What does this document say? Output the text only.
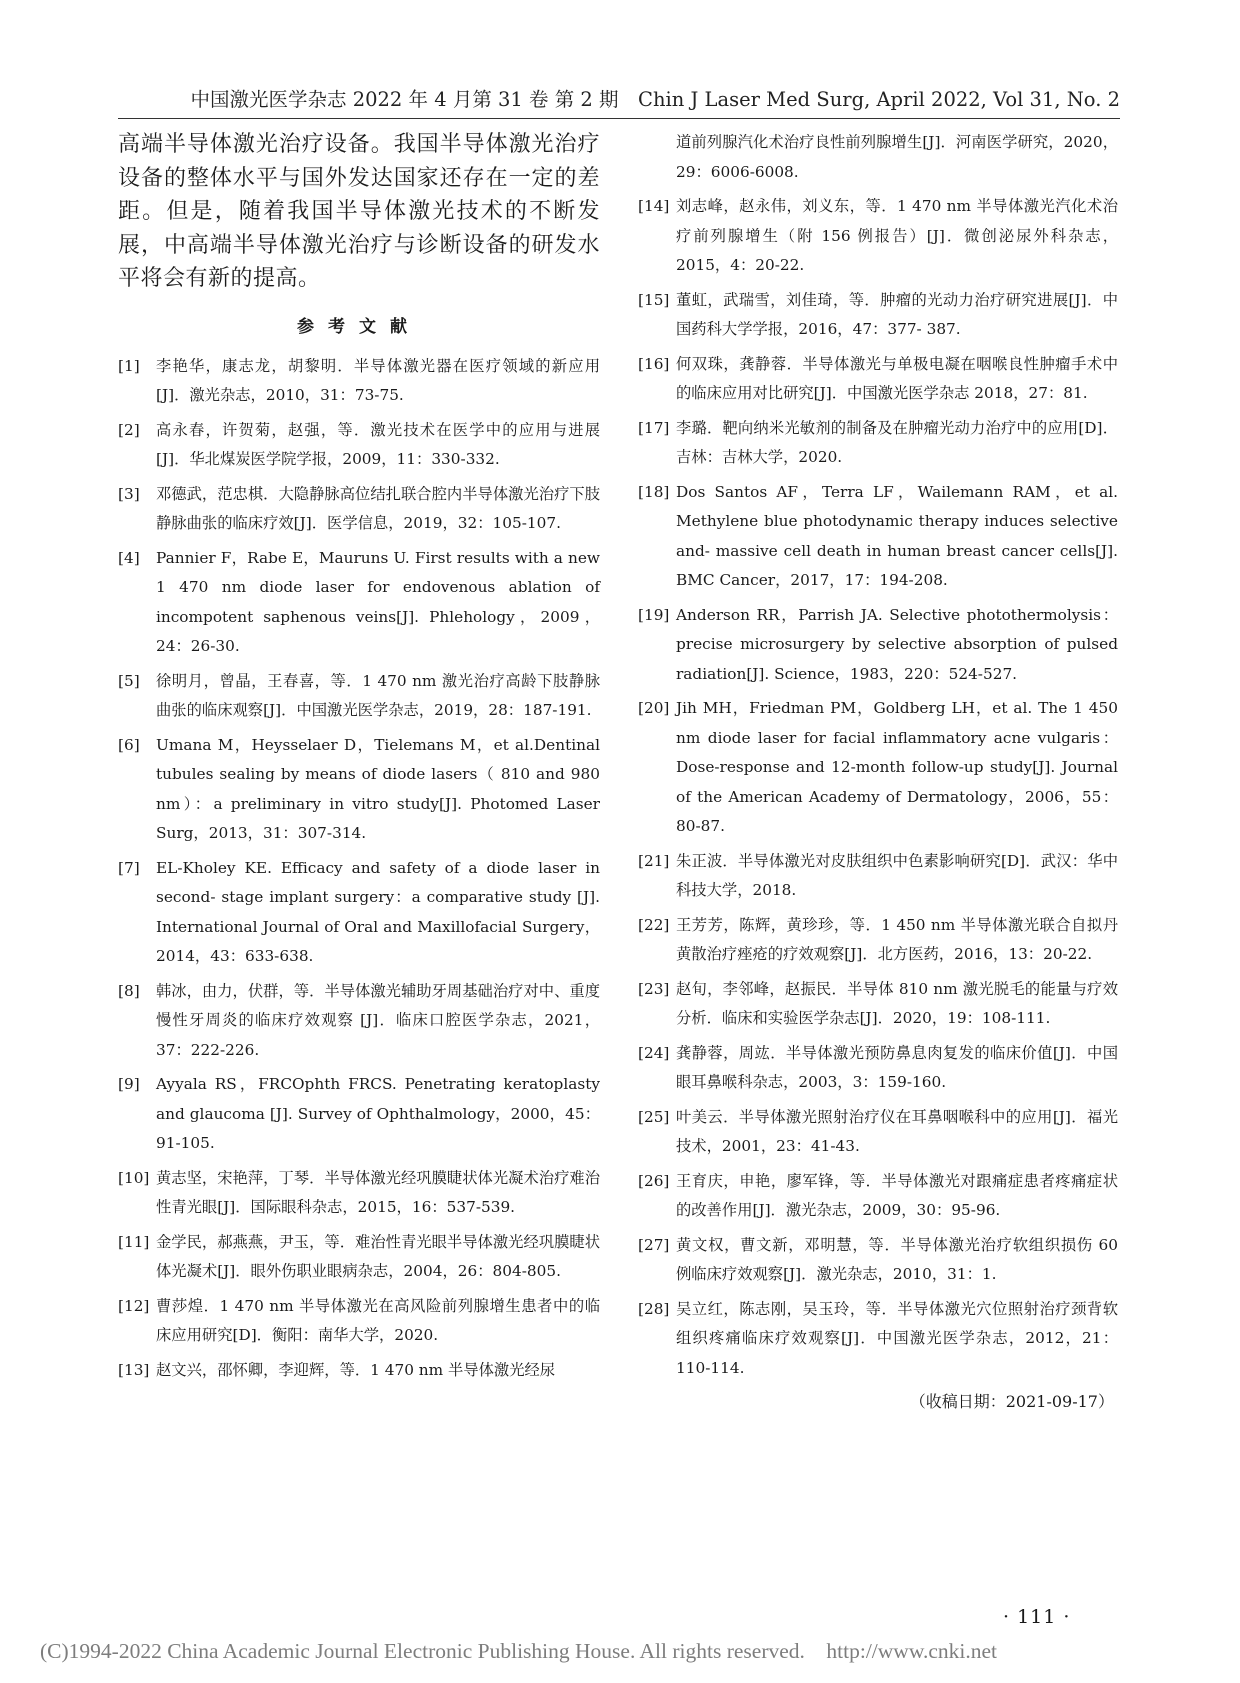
中国激光医学杂志 2022 年 4 月第 31 卷 第 2 期　Chin J Laser Med Surg, April 2022, Vol 31, No. 2

高端半导体激光治疗设备。我国半导体激光治疗设备的整体水平与国外发达国家还存在一定的差距。但是，随着我国半导体激光技术的不断发展，中高端半导体激光治疗与诊断设备的研发水平将会有新的提高。

参考文献
[1]	李艳华，康志龙，胡黎明．半导体激光器在医疗领域的新应用[J]．激光杂志，2010，31：73-75.
[2]	高永春，许贺菊，赵强，等．激光技术在医学中的应用与进展[J]．华北煤炭医学院学报，2009，11：330-332.
[3]	邓德武，范忠棋．大隐静脉高位结扎联合腔内半导体激光治疗下肢静脉曲张的临床疗效[J]．医学信息，2019，32：105-107.
[4]	Pannier F，Rabe E，Mauruns U. First results with a new 1 470 nm diode laser for endovenous ablation of incompotent saphenous veins[J]. Phlehology，2009，24：26-30.
[5]	徐明月，曾晶，王春喜，等．1 470 nm 激光治疗高龄下肢静脉曲张的临床观察[J]．中国激光医学杂志，2019，28：187-191.
[6]	Umana M，Heysselaer D，Tielemans M，et al.Dentinal tubules sealing by means of diode lasers（ 810 and 980 nm）：a preliminary in vitro study[J]. Photomed Laser Surg，2013，31：307-314.
[7]	EL-Kholey KE. Efficacy and safety of a diode laser in second- stage implant surgery：a comparative study [J]. International Journal of Oral and Maxillofacial Surgery，2014，43：633-638.
[8]	韩冰，由力，伏群，等．半导体激光辅助牙周基础治疗对中、重度慢性牙周炎的临床疗效观察 [J]．临床口腔医学杂志，2021，37：222-226.
[9]	Ayyala RS，FRCOphth FRCS. Penetrating keratoplasty and glaucoma [J]. Survey of Ophthalmology，2000，45：91-105.
[10] 黄志坚，宋艳萍，丁琴．半导体激光经巩膜睫状体光凝术治疗难治性青光眼[J]．国际眼科杂志，2015，16：537-539.
[11] 金学民，郝燕燕，尹玉，等．难治性青光眼半导体激光经巩膜睫状体光凝术[J]．眼外伤职业眼病杂志，2004，26：804-805.
[12] 曹莎煌．1 470 nm 半导体激光在高风险前列腺增生患者中的临床应用研究[D]．衡阳：南华大学，2020.
[13] 赵文兴，邵怀卿，李迎辉，等．1 470 nm 半导体激光经尿
道前列腺汽化术治疗良性前列腺增生[J]．河南医学研究，2020，29：6006-6008.
[14] 刘志峰，赵永伟，刘义东，等．1 470 nm 半导体激光汽化术治疗前列腺增生（附 156 例报告）[J]．微创泌尿外科杂志，2015，4：20-22.
[15] 董虹，武瑞雪，刘佳琦，等．肿瘤的光动力治疗研究进展[J]．中国药科大学学报，2016，47：377- 387.
[16] 何双珠，龚静蓉．半导体激光与单极电凝在咽喉良性肿瘤手术中的临床应用对比研究[J]．中国激光医学杂志 2018，27：81.
[17] 李璐．靶向纳米光敏剂的制备及在肿瘤光动力治疗中的应用[D]．吉林：吉林大学，2020.
[18] Dos Santos AF，Terra LF，Wailemann RAM，et al. Methylene blue photodynamic therapy induces selective and- massive cell death in human breast cancer cells[J]. BMC Cancer，2017，17：194-208.
[19] Anderson RR，Parrish JA. Selective photothermolysis：precise microsurgery by selective absorption of pulsed radiation[J]. Science，1983，220：524-527.
[20] Jih MH，Friedman PM，Goldberg LH，et al. The 1 450 nm diode laser for facial inflammatory acne vulgaris：Dose-response and 12-month follow-up study[J]. Journal of the American Academy of Dermatology，2006，55：80-87.
[21] 朱正波．半导体激光对皮肤组织中色素影响研究[D]．武汉：华中科技大学，2018.
[22] 王芳芳，陈辉，黄珍珍，等．1 450 nm 半导体激光联合自拟丹黄散治疗痤疮的疗效观察[J]．北方医药，2016，13：20-22.
[23] 赵旬，李邻峰，赵振民．半导体 810 nm 激光脱毛的能量与疗效分析．临床和实验医学杂志[J]．2020，19：108-111.
[24] 龚静蓉，周竑．半导体激光预防鼻息肉复发的临床价值[J]．中国眼耳鼻喉科杂志，2003，3：159-160.
[25] 叶美云．半导体激光照射治疗仪在耳鼻咽喉科中的应用[J]．福光技术，2001，23：41-43.
[26] 王育庆，申艳，廖军锋，等．半导体激光对跟痛症患者疼痛症状的改善作用[J]．激光杂志，2009，30：95-96.
[27] 黄文权，曹文新，邓明慧，等．半导体激光治疗软组织损伤 60 例临床疗效观察[J]．激光杂志，2010，31：1.
[28] 吴立红，陈志刚，吴玉玲，等．半导体激光穴位照射治疗颈背软组织疼痛临床疗效观察[J]．中国激光医学杂志，2012，21：110-114.
（收稿日期：2021-09-17）
· 111 ·
(C)1994-2022 China Academic Journal Electronic Publishing House. All rights reserved.　http://www.cnki.net
